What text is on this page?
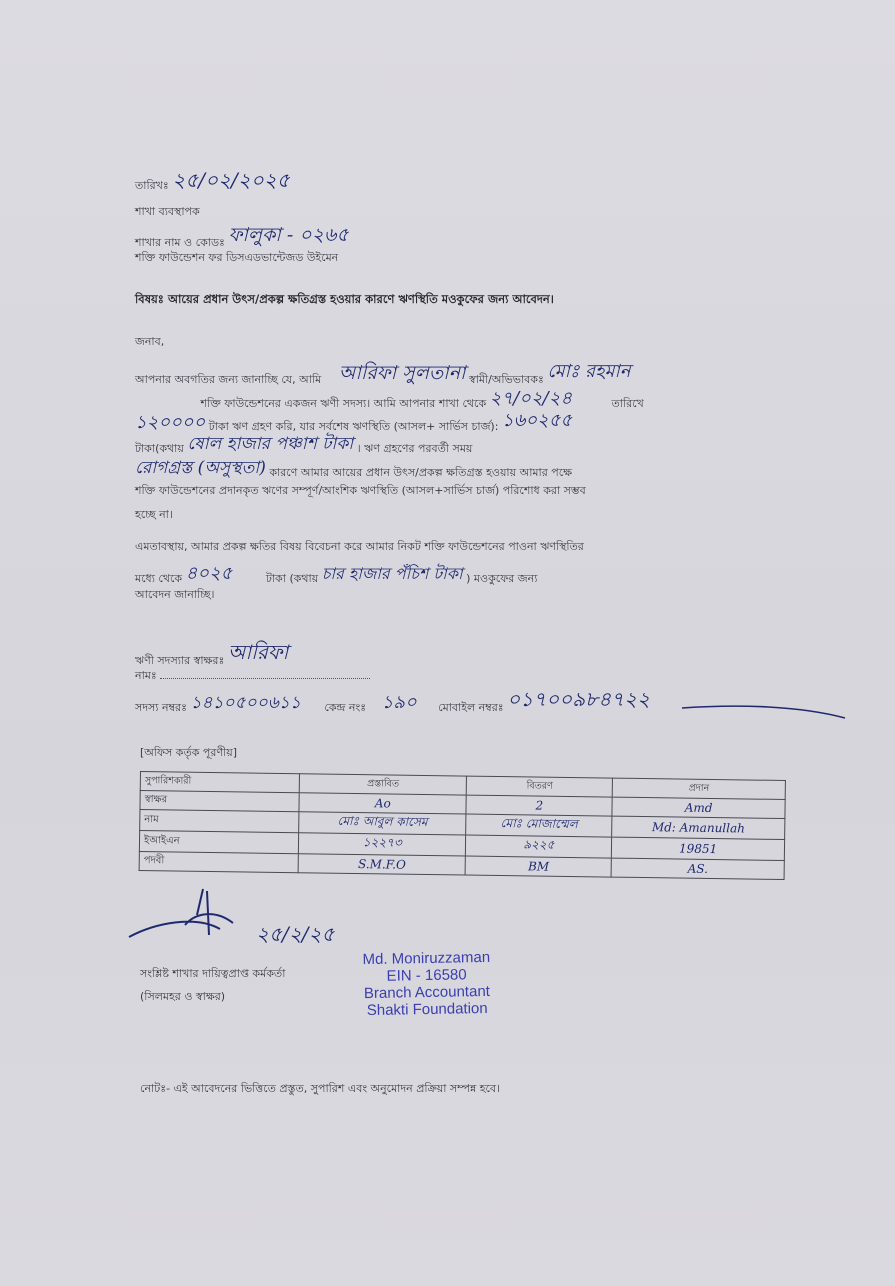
তারিখঃ ২৫/০২/২০২৫
শাখা ব্যবস্থাপক
শাখার নাম ও কোডঃ ফালুকা - ০২৬৫
শক্তি ফাউন্ডেশন ফর ডিসএডভান্টেজড উইমেন
বিষয়ঃ আয়ের প্রধান উৎস/প্রকল্প ক্ষতিগ্রস্ত হওয়ার কারণে ঋণস্থিতি মওকুফের জন্য আবেদন।
জনাব,
আপনার অবগতির জন্য জানাচ্ছি যে, আমি আরিফা সুলতানা স্বামী/অভিভাবকঃ মোঃ রহমান
শক্তি ফাউন্ডেশনের একজন ঋণী সদস্য। আমি আপনার শাখা থেকে ২৭/০২/২৪	তারিখে
১২০০০০ টাকা ঋণ গ্রহণ করি, যার সর্বশেষ ঋণস্থিতি (আসল+ সার্ভিস চার্জ): ১৬০২৫৫
টাকা(কথায় ষোল হাজার পঞ্চাশ টাকা । ঋণ গ্রহণের পরবর্তী সময়
রোগগ্রস্ত (অসুস্থতা) কারণে আমার আয়ের প্রধান উৎস/প্রকল্প ক্ষতিগ্রস্ত হওয়ায় আমার পক্ষে
শক্তি ফাউন্ডেশনের প্রদানকৃত ঋণের সম্পূর্ণ/আংশিক ঋণস্থিতি (আসল+সার্ভিস চার্জ) পরিশোধ করা সম্ভব
হচ্ছে না।
এমতাবস্থায়, আমার প্রকল্প ক্ষতির বিষয় বিবেচনা করে আমার নিকট শক্তি ফাউন্ডেশনের পাওনা ঋণস্থিতির
মধ্যে থেকে ৪০২৫	টাকা (কথায় চার হাজার পঁচিশ টাকা ) মওকুফের জন্য
আবেদন জানাচ্ছি।
ঋণী সদস্যার স্বাক্ষরঃ আরিফা
নামঃ
সদস্য নম্বরঃ ১৪১০৫০০৬১১ কেন্দ্র নংঃ ১৯০ মোবাইল নম্বরঃ ০১৭০০৯৮৪৭২২
[অফিস কর্তৃক পূরণীয়]
সুপারিশকারী	প্রস্তাবিত	বিতরণ	প্রদান
স্বাক্ষর	Ao	2	Amd
নাম	মোঃ আবুল কাসেম	মোঃ মোজাম্মেল	Md: Amanullah
ইআইএন	১২২৭৩	৯২২৫	19851
পদবী	S.M.F.O	BM	AS.
২৫/২/২৫
সংশ্লিষ্ট শাখার দায়িত্বপ্রাপ্ত কর্মকর্তা
(সিলমহর ও স্বাক্ষর)
Md. Moniruzzaman
EIN - 16580
Branch Accountant
Shakti Foundation
নোটঃ- এই আবেদনের ভিত্তিতে প্রস্তুত, সুপারিশ এবং অনুমোদন প্রক্রিয়া সম্পন্ন হবে।
